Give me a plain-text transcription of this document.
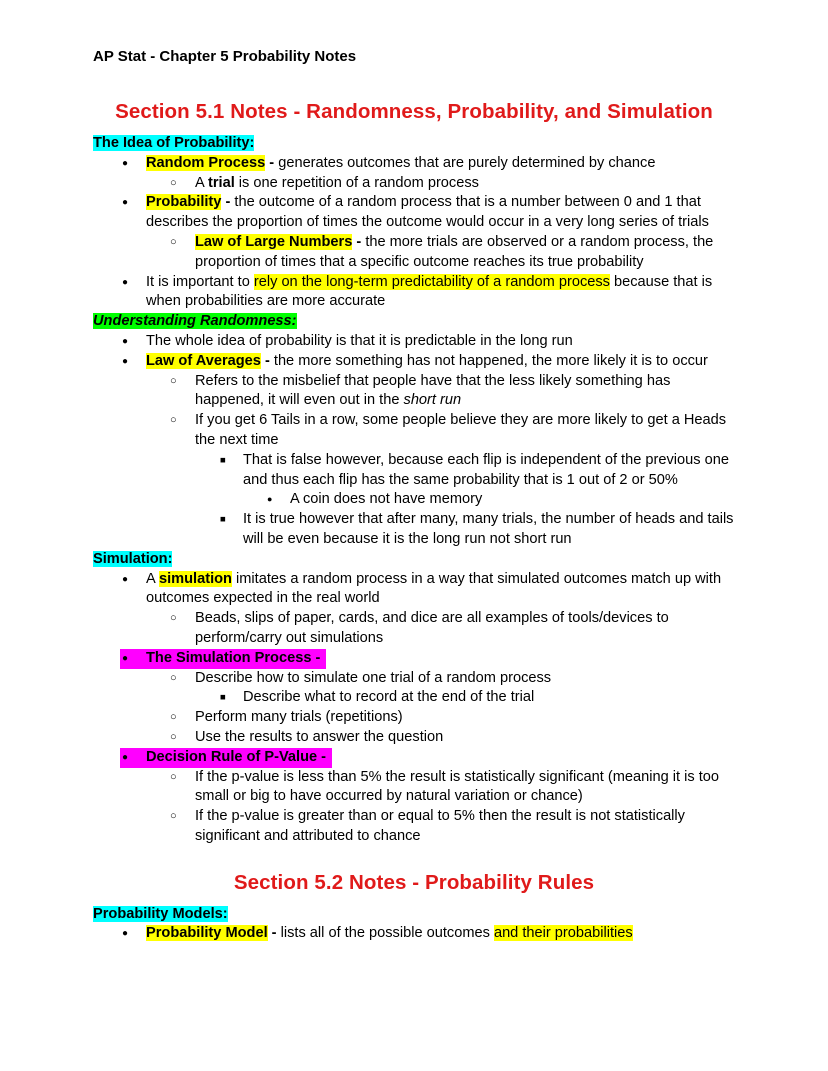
AP Stat - Chapter 5 Probability Notes
Section 5.1 Notes - Randomness, Probability, and Simulation
The Idea of Probability:
●	Random Process - generates outcomes that are purely determined by chance
○	A trial is one repetition of a random process
●	Probability - the outcome of a random process that is a number between 0 and 1 that describes the proportion of times the outcome would occur in a very long series of trials
○	Law of Large Numbers - the more trials are observed or a random process, the proportion of times that a specific outcome reaches its true probability
●	It is important to rely on the long-term predictability of a random process because that is when probabilities are more accurate
Understanding Randomness:
●	The whole idea of probability is that it is predictable in the long run
●	Law of Averages - the more something has not happened, the more likely it is to occur
○	Refers to the misbelief that people have that the less likely something has happened, it will even out in the short run
○	If you get 6 Tails in a row, some people believe they are more likely to get a Heads the next time
■	That is false however, because each flip is independent of the previous one and thus each flip has the same probability that is 1 out of 2 or 50%
●	A coin does not have memory
■	It is true however that after many, many trials, the number of heads and tails will be even because it is the long run not short run
Simulation:
●	A simulation imitates a random process in a way that simulated outcomes match up with outcomes expected in the real world
○	Beads, slips of paper, cards, and dice are all examples of tools/devices to perform/carry out simulations
●	The Simulation Process -
○	Describe how to simulate one trial of a random process
■	Describe what to record at the end of the trial
○	Perform many trials (repetitions)
○	Use the results to answer the question
●	Decision Rule of P-Value -
○	If the p-value is less than 5% the result is statistically significant (meaning it is too small or big to have occurred by natural variation or chance)
○	If the p-value is greater than or equal to 5% then the result is not statistically significant and attributed to chance
Section 5.2 Notes - Probability Rules
Probability Models:
●	Probability Model - lists all of the possible outcomes and their probabilities
